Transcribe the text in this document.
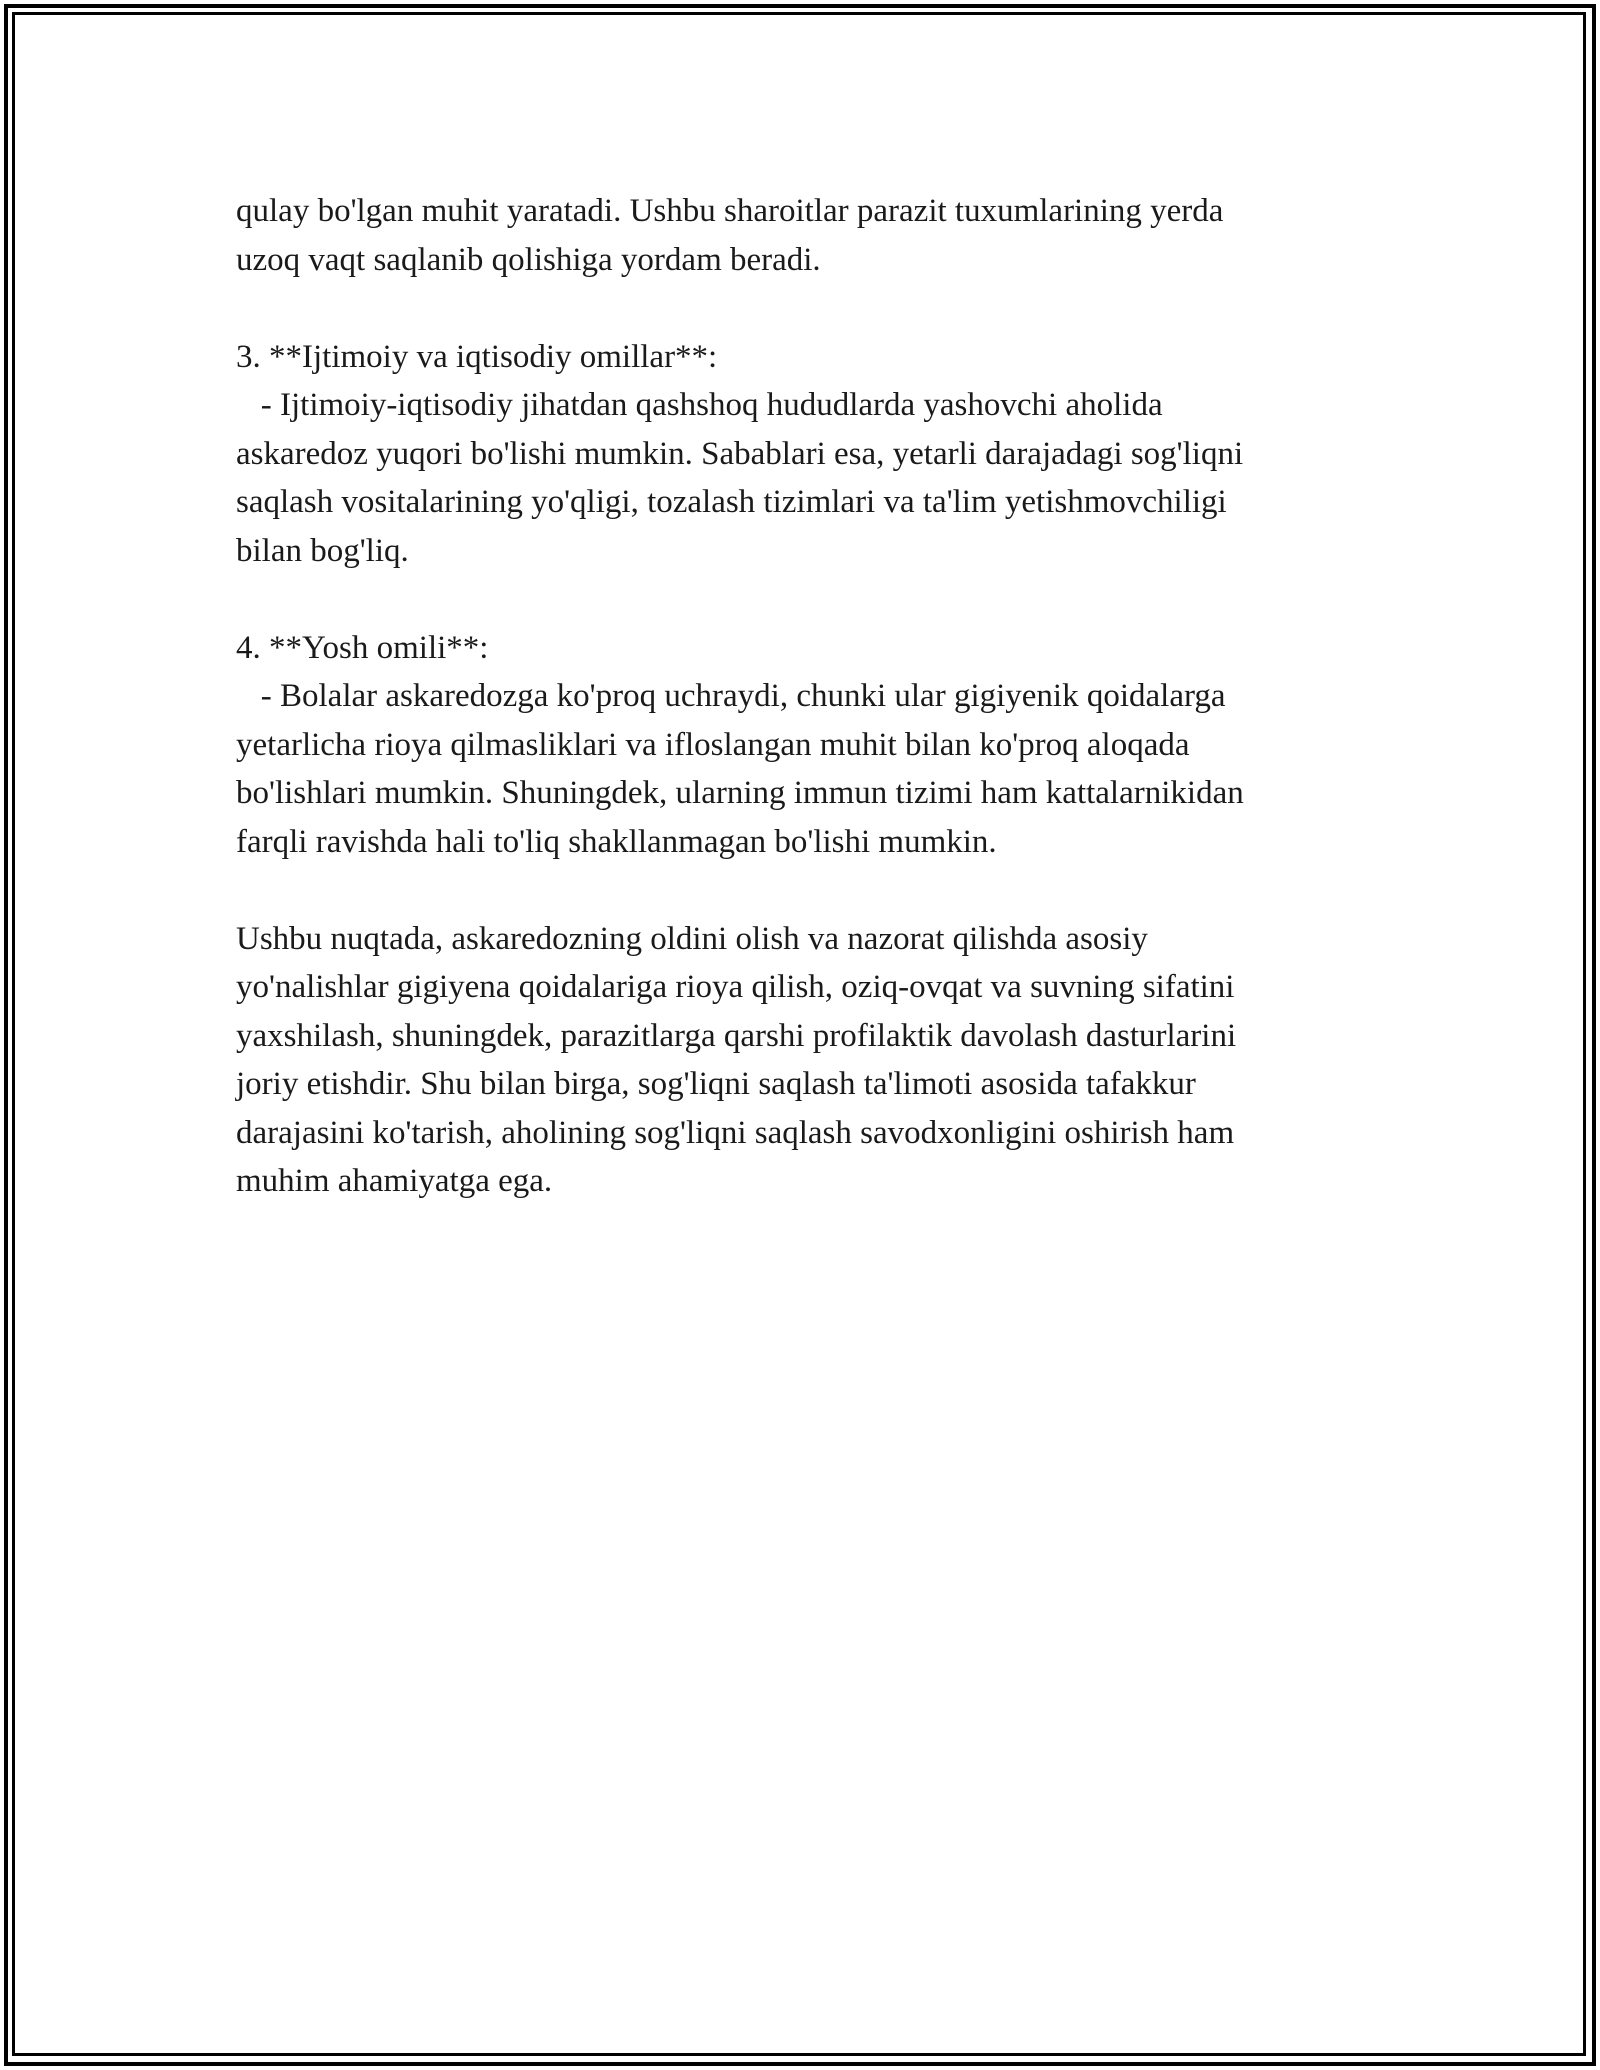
qulay bo'lgan muhit yaratadi. Ushbu sharoitlar parazit tuxumlarining yerda
uzoq vaqt saqlanib qolishiga yordam beradi.
3. **Ijtimoiy va iqtisodiy omillar**:
- Ijtimoiy-iqtisodiy jihatdan qashshoq hududlarda yashovchi aholida
askaredoz yuqori bo'lishi mumkin. Sabablari esa, yetarli darajadagi sog'liqni
saqlash vositalarining yo'qligi, tozalash tizimlari va ta'lim yetishmovchiligi
bilan bog'liq.
4. **Yosh omili**:
- Bolalar askaredozga ko'proq uchraydi, chunki ular gigiyenik qoidalarga
yetarlicha rioya qilmasliklari va ifloslangan muhit bilan ko'proq aloqada
bo'lishlari mumkin. Shuningdek, ularning immun tizimi ham kattalarnikidan
farqli ravishda hali to'liq shakllanmagan bo'lishi mumkin.
Ushbu nuqtada, askaredozning oldini olish va nazorat qilishda asosiy
yo'nalishlar gigiyena qoidalariga rioya qilish, oziq-ovqat va suvning sifatini
yaxshilash, shuningdek, parazitlarga qarshi profilaktik davolash dasturlarini
joriy etishdir. Shu bilan birga, sog'liqni saqlash ta'limoti asosida tafakkur
darajasini ko'tarish, aholining sog'liqni saqlash savodxonligini oshirish ham
muhim ahamiyatga ega.
